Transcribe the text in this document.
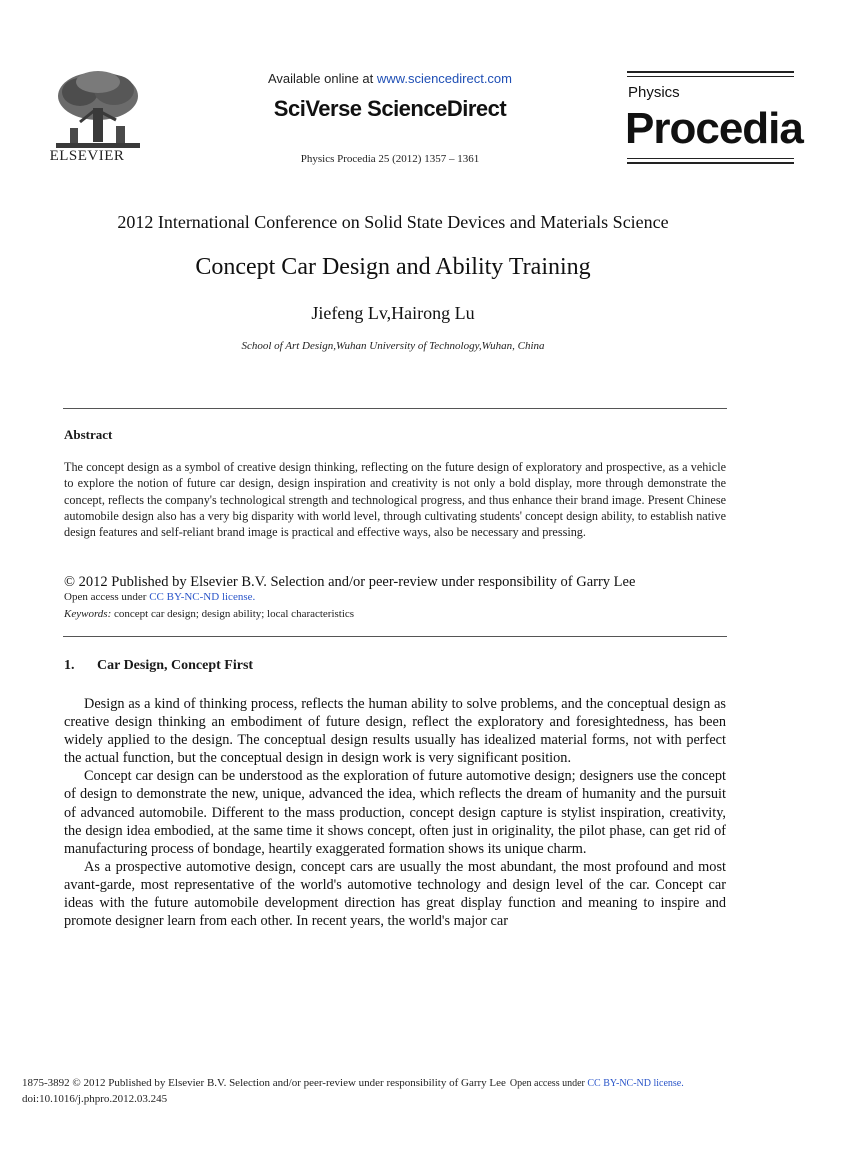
ELSEVIER
Available online at www.sciencedirect.com
SciVerse ScienceDirect
Physics Procedia 25 (2012) 1357 – 1361
Physics
Procedia
2012 International Conference on Solid State Devices and Materials Science
Concept Car Design and Ability Training
Jiefeng Lv,Hairong Lu
School of Art Design,Wuhan University of Technology,Wuhan, China
Abstract
The concept design as a symbol of creative design thinking, reflecting on the future design of exploratory and prospective, as a vehicle to explore the notion of future car design, design inspiration and creativity is not only a bold display, more through demonstrate the concept, reflects the company's technological strength and technological progress, and thus enhance their brand image. Present Chinese automobile design also has a very big disparity with world level, through cultivating students' concept design ability, to establish native design features and self-reliant brand image is practical and effective ways, also be necessary and pressing.
© 2012 Published by Elsevier B.V. Selection and/or peer-review under responsibility of Garry Lee
Open access under CC BY-NC-ND license.
Keywords: concept car design; design ability; local characteristics
1. Car Design, Concept First

Design as a kind of thinking process, reflects the human ability to solve problems, and the conceptual design as creative design thinking an embodiment of future design, reflect the exploratory and foresightedness, has been widely applied to the design. The conceptual design results usually has idealized material forms, not with perfect the actual function, but the conceptual design in design work is very significant position.

Concept car design can be understood as the exploration of future automotive design; designers use the concept of design to demonstrate the new, unique, advanced the idea, which reflects the dream of humanity and the pursuit of advanced automobile. Different to the mass production, concept design capture is stylist inspiration, creativity, the design idea embodied, at the same time it shows concept, often just in originality, the pilot phase, can get rid of manufacturing process of bondage, heartily exaggerated formation shows its unique charm.

As a prospective automotive design, concept cars are usually the most abundant, the most profound and most avant-garde, most representative of the world's automotive technology and design level of the car. Concept car ideas with the future automobile development direction has great display function and meaning to inspire and promote designer learn from each other. In recent years, the world's major car

1875-3892 © 2012 Published by Elsevier B.V. Selection and/or peer-review under responsibility of Garry Lee Open access under CC BY-NC-ND license.
doi:10.1016/j.phpro.2012.03.245
